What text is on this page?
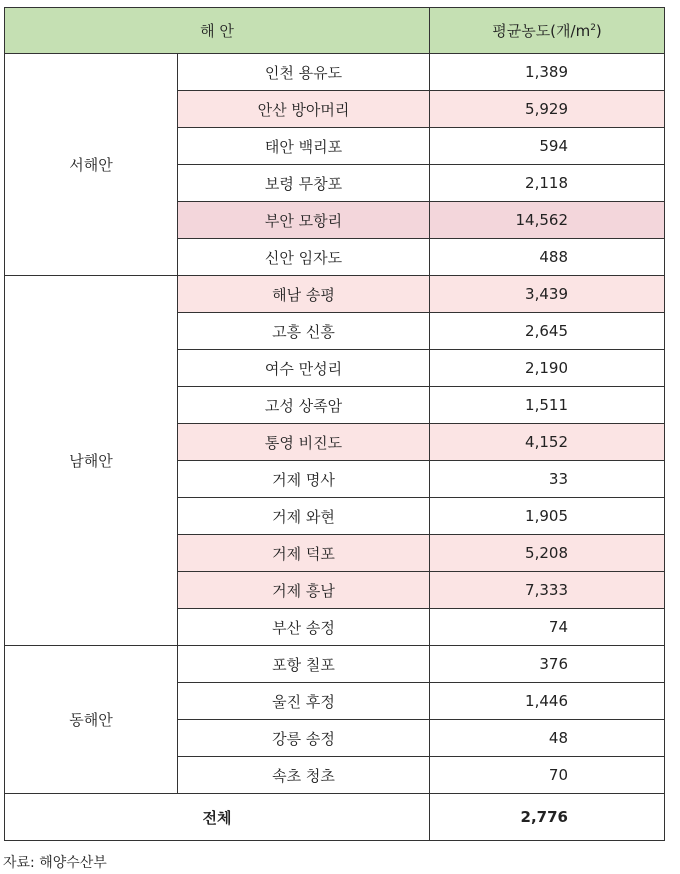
해 안		평균농도(개$/m^2$)
서해안	인천 용유도	1,389
	안산 방아머리	5,929
	태안 백리포	594
	보령 무창포	2,118
	부안 모항리	14,562
	신안 임자도	488
남해안	해남 송평	3,439
	고흥 신흥	2,645
	여수 만성리	2,190
	고성 상족암	1,511
	통영 비진도	4,152
	거제 명사	33
	거제 와현	1,905
	거제 덕포	5,208
	거제 흥남	7,333
	부산 송정	74
동해안	포항 칠포	376
	울진 후정	1,446
	강릉 송정	48
	속초 청초	70
전체		2,776
자료: 해양수산부
